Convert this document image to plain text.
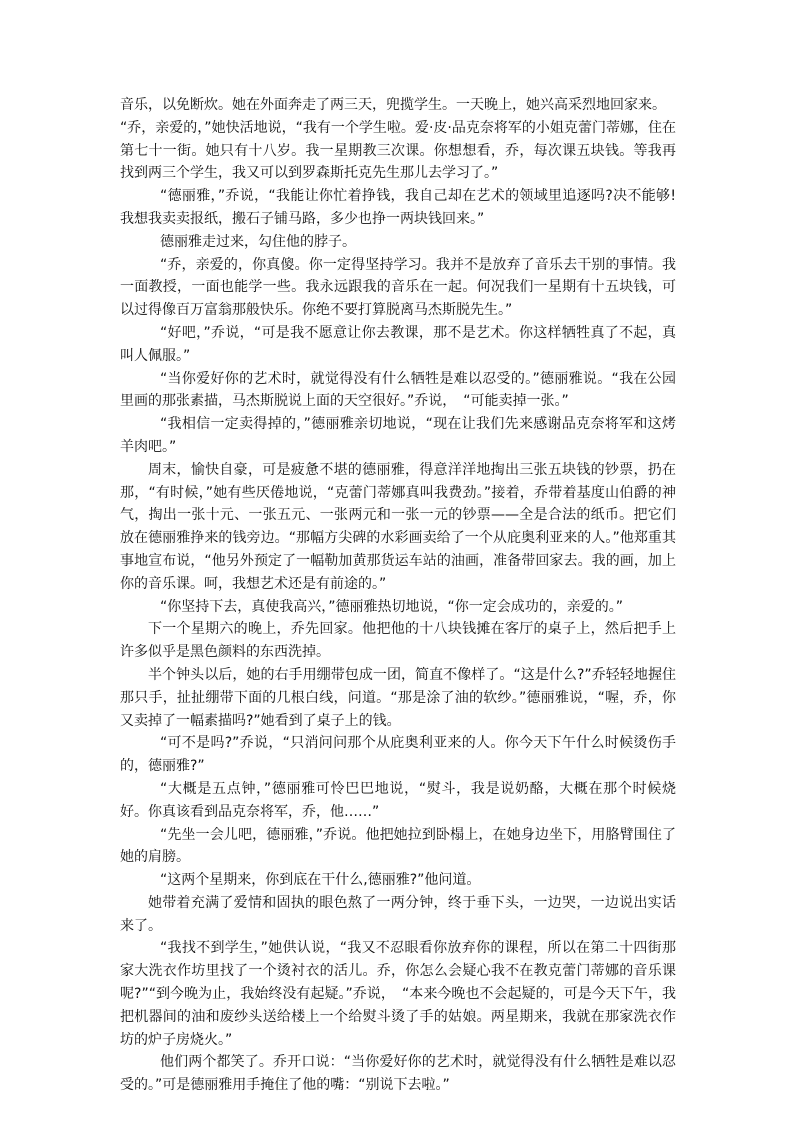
音乐，以免断炊。她在外面奔走了两三天，兜揽学生。一天晚上，她兴高采烈地回家来。

“乔，亲爱的，”她快活地说，“我有一个学生啦。爱·皮·品克奈将军的小姐克蕾门蒂娜，住在第七十一街。她只有十八岁。我一星期教三次课。你想想看，乔，每次课五块钱。等我再找到两三个学生，我又可以到罗森斯托克先生那儿去学习了。”

“德丽雅，”乔说，“我能让你忙着挣钱，我自己却在艺术的领域里追逐吗?决不能够!我想我卖卖报纸，搬石子铺马路，多少也挣一两块钱回来。”

德丽雅走过来，勾住他的脖子。

“乔，亲爱的，你真傻。你一定得坚持学习。我并不是放弃了音乐去干别的事情。我一面教授，一面也能学一些。我永远跟我的音乐在一起。何况我们一星期有十五块钱，可以过得像百万富翁那般快乐。你绝不要打算脱离马杰斯脱先生。”

“好吧，”乔说，“可是我不愿意让你去教课，那不是艺术。你这样牺牲真了不起，真叫人佩服。”

“当你爱好你的艺术时，就觉得没有什么牺牲是难以忍受的。”德丽雅说。“我在公园里画的那张素描，马杰斯脱说上面的天空很好。”乔说，　“可能卖掉一张。”

“我相信一定卖得掉的，”德丽雅亲切地说，“现在让我们先来感谢品克奈将军和这烤羊肉吧。”

周末，愉快自豪，可是疲惫不堪的德丽雅，得意洋洋地掏出三张五块钱的钞票，扔在那，“有时候，”她有些厌倦地说，“克蕾门蒂娜真叫我费劲。”接着，乔带着基度山伯爵的神气，掏出一张十元、一张五元、一张两元和一张一元的钞票——全是合法的纸币。把它们放在德丽雅挣来的钱旁边。“那幅方尖碑的水彩画卖给了一个从庇奥利亚来的人。”他郑重其事地宣布说，“他另外预定了一幅勒加黄那货运车站的油画，准备带回家去。我的画，加上你的音乐课。呵，我想艺术还是有前途的。”

“你坚持下去，真使我高兴，”德丽雅热切地说，“你一定会成功的，亲爱的。”

下一个星期六的晚上，乔先回家。他把他的十八块钱摊在客厅的桌子上，然后把手上许多似乎是黑色颜料的东西洗掉。

半个钟头以后，她的右手用绷带包成一团，简直不像样了。“这是什么?”乔轻轻地握住那只手，扯扯绷带下面的几根白线，问道。“那是涂了油的软纱。”德丽雅说，“喔，乔，你又卖掉了一幅素描吗?”她看到了桌子上的钱。

“可不是吗?”乔说，“只消问问那个从庇奥利亚来的人。你今天下午什么时候烫伤手的，德丽雅?”

“大概是五点钟，”德丽雅可怜巴巴地说，“熨斗，我是说奶酪，大概在那个时候烧好。你真该看到品克奈将军，乔，他……”

“先坐一会儿吧，德丽雅，”乔说。他把她拉到卧榻上，在她身边坐下，用胳臂围住了她的肩膀。

“这两个星期来，你到底在干什么,德丽雅?”他问道。

她带着充满了爱情和固执的眼色熬了一两分钟，终于垂下头，一边哭，一边说出实话来了。

“我找不到学生，”她供认说，“我又不忍眼看你放弃你的课程，所以在第二十四街那家大洗衣作坊里找了一个烫衬衣的活儿。乔，你怎么会疑心我不在教克蕾门蒂娜的音乐课呢?”“到今晚为止，我始终没有起疑。”乔说，　“本来今晚也不会起疑的，可是今天下午，我把机器间的油和废纱头送给楼上一个给熨斗烫了手的姑娘。两星期来，我就在那家洗衣作坊的炉子房烧火。”

他们两个都笑了。乔开口说：“当你爱好你的艺术时，就觉得没有什么牺牲是难以忍受的。”可是德丽雅用手掩住了他的嘴：“别说下去啦。”
